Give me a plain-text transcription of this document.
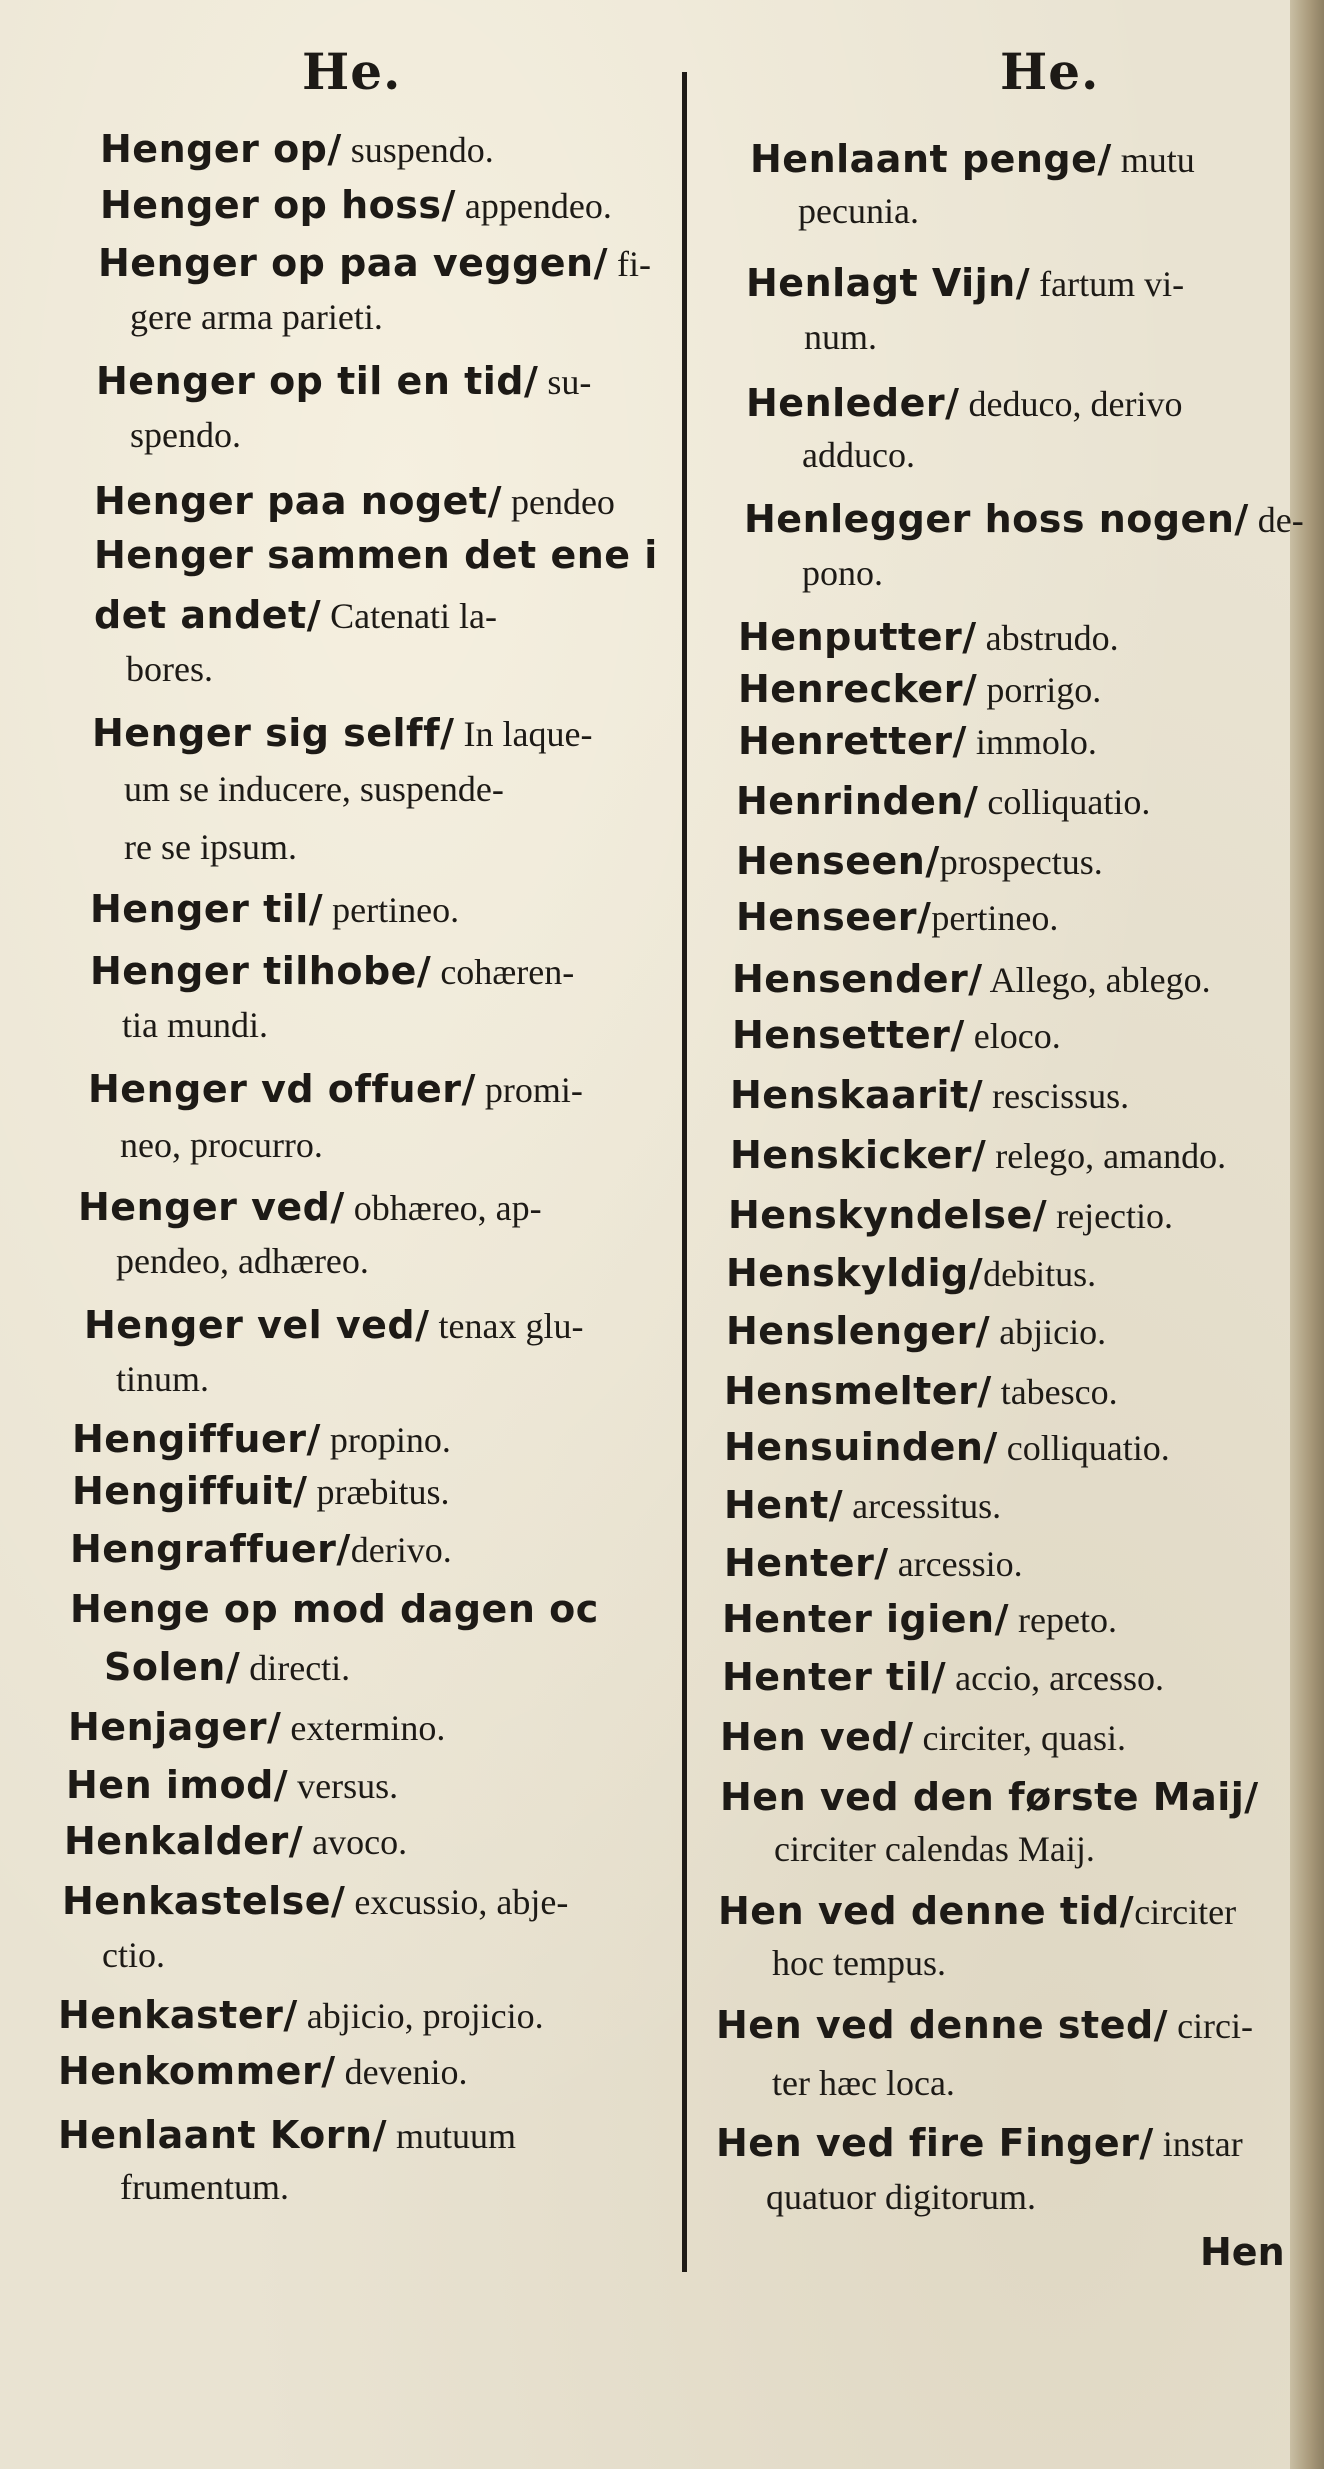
He.	He.
Henger op/ suspendo.
Henger op hoss/ appendeo.
Henger op paa veggen/ fi-
gere arma parieti.
Henger op til en tid/ su-
spendo.
Henger paa noget/ pendeo
Henger sammen det ene i
det andet/ Catenati la-
bores.
Henger sig selff/ In laque-
um se inducere, suspende-
re se ipsum.
Henger til/ pertineo.
Henger tilhobe/ cohæren-
tia mundi.
Henger vd offuer/ promi-
neo, procurro.
Henger ved/ obhæreo, ap-
pendeo, adhæreo.
Henger vel ved/ tenax glu-
tinum.
Hengiffuer/ propino.
Hengiffuit/ præbitus.
Hengraffuer/derivo.
Henge op mod dagen oc
Solen/ directi.
Henjager/ extermino.
Hen imod/ versus.
Henkalder/ avoco.
Henkastelse/ excussio, abje-
ctio.
Henkaster/ abjicio, projicio.
Henkommer/ devenio.
Henlaant Korn/ mutuum
frumentum.
Henlaant penge/ mutu
pecunia.
Henlagt Vijn/ fartum vi-
num.
Henleder/ deduco, derivo
adduco.
Henlegger hoss nogen/ de-
pono.
Henputter/ abstrudo.
Henrecker/ porrigo.
Henretter/ immolo.
Henrinden/ colliquatio.
Henseen/prospectus.
Henseer/pertineo.
Hensender/ Allego, ablego.
Hensetter/ eloco.
Henskaarit/ rescissus.
Henskicker/ relego, amando.
Henskyndelse/ rejectio.
Henskyldig/debitus.
Henslenger/ abjicio.
Hensmelter/ tabesco.
Hensuinden/ colliquatio.
Hent/ arcessitus.
Henter/ arcessio.
Henter igien/ repeto.
Henter til/ accio, arcesso.
Hen ved/ circiter, quasi.
Hen ved den første Maij/
circiter calendas Maij.
Hen ved denne tid/circiter
hoc tempus.
Hen ved denne sted/ circi-
ter hæc loca.
Hen ved fire Finger/ instar
quatuor digitorum.
Hen
